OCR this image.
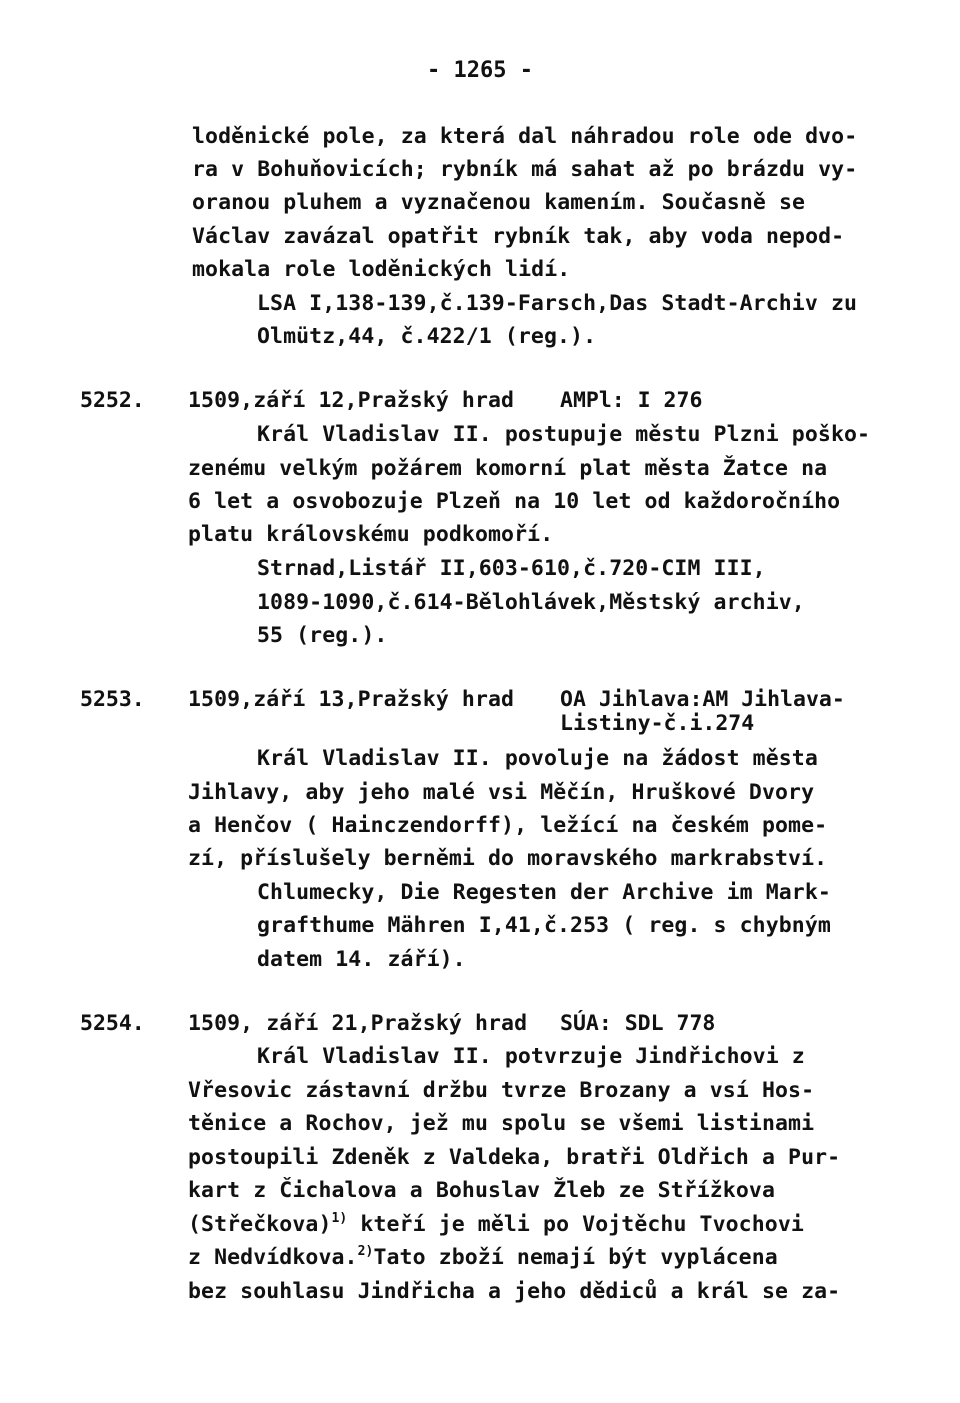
- 1265 -
loděnické pole, za která dal náhradou role ode dvo-
ra v Bohuňovicích; rybník má sahat až po brázdu vy-
oranou pluhem a vyznačenou kamením. Současně se
Václav zavázal opatřit rybník tak, aby voda nepod-
mokala role loděnických lidí.
LSA I,138-139,č.139-Farsch,Das Stadt-Archiv zu
Olmütz,44, č.422/1 (reg.).
5252. 1509,září 12,Pražský hrad AMPl: I 276
Král Vladislav II. postupuje městu Plzni poško-
zenému velkým požárem komorní plat města Žatce na
6 let a osvobozuje Plzeň na 10 let od každoročního
platu královskému podkomoří.
Strnad,Listář II,603-610,č.720-CIM III,
1089-1090,č.614-Bělohlávek,Městský archiv,
55 (reg.).
5253. 1509,září 13,Pražský hrad OA Jihlava:AM Jihlava-
Listiny-č.i.274
Král Vladislav II. povoluje na žádost města
Jihlavy, aby jeho malé vsi Měčín, Hruškové Dvory
a Henčov ( Hainczendorff), ležící na českém pome-
zí, příslušely berněmi do moravského markrabství.
Chlumecky, Die Regesten der Archive im Mark-
grafthume Mähren I,41,č.253 ( reg. s chybným
datem 14. září).
5254. 1509, září 21,Pražský hrad SÚA: SDL 778
Král Vladislav II. potvrzuje Jindřichovi z
Vřesovic zástavní držbu tvrze Brozany a vsí Hos-
těnice a Rochov, jež mu spolu se všemi listinami
postoupili Zdeněk z Valdeka, bratři Oldřich a Pur-
kart z Čichalova a Bohuslav Žleb ze Střížkova
(Střečkova)$^{1)}$ kteří je měli po Vojtěchu Tvochovi
z Nedvídkova.$^{2)}$Tato zboží nemají být vyplácena
bez souhlasu Jindřicha a jeho dědiců a král se za-
